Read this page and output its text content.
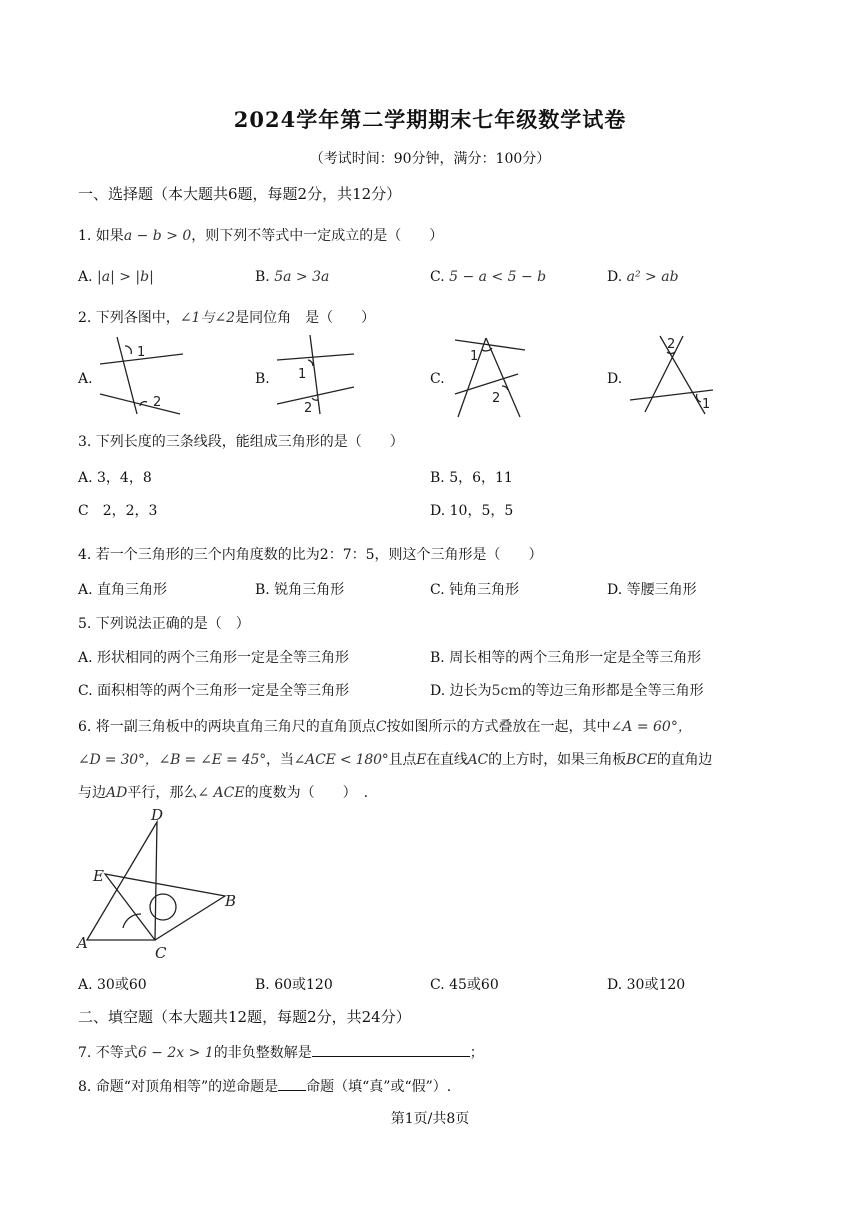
2024学年第二学期期末七年级数学试卷
（考试时间：90分钟，满分：100分）
一、选择题（本大题共6题，每题2分，共12分）
1. 如果a − b > 0，则下列不等式中一定成立的是（　　）
A. |a| > |b|	B. 5a > 3a	C. 5 − a < 5 − b	D. a² > ab
2. 下列各图中，∠1与∠2是同位角　是（　　）
A.
1
2
B. 1
2
C.
1
2
D.
2
1
3. 下列长度的三条线段，能组成三角形的是（　　）
A. 3，4，8	B. 5，6，11
C　2，2，3	D. 10，5，5
4. 若一个三角形的三个内角度数的比为2：7：5，则这个三角形是（　　）
A. 直角三角形	B. 锐角三角形	C. 钝角三角形	D. 等腰三角形
5. 下列说法正确的是（　）
A. 形状相同的两个三角形一定是全等三角形	B. 周长相等的两个三角形一定是全等三角形
C. 面积相等的两个三角形一定是全等三角形	D. 边长为5cm的等边三角形都是全等三角形
6. 将一副三角板中的两块直角三角尺的直角顶点C按如图所示的方式叠放在一起，其中∠A = 60°，
∠D = 30°，∠B = ∠E = 45°，当∠ACE < 180°且点E在直线AC的上方时，如果三角板BCE的直角边
与边AD平行，那么∠ ACE的度数为（　　）　.
A
B
C
D
E
A. 30或60	B. 60或120	C. 45或60	D. 30或120
二、填空题（本大题共12题，每题2分，共24分）
7. 不等式6 − 2x > 1的非负整数解是	；
8. 命题“对顶角相等”的逆命题是 命题（填“真”或“假”）.
第1页/共8页
